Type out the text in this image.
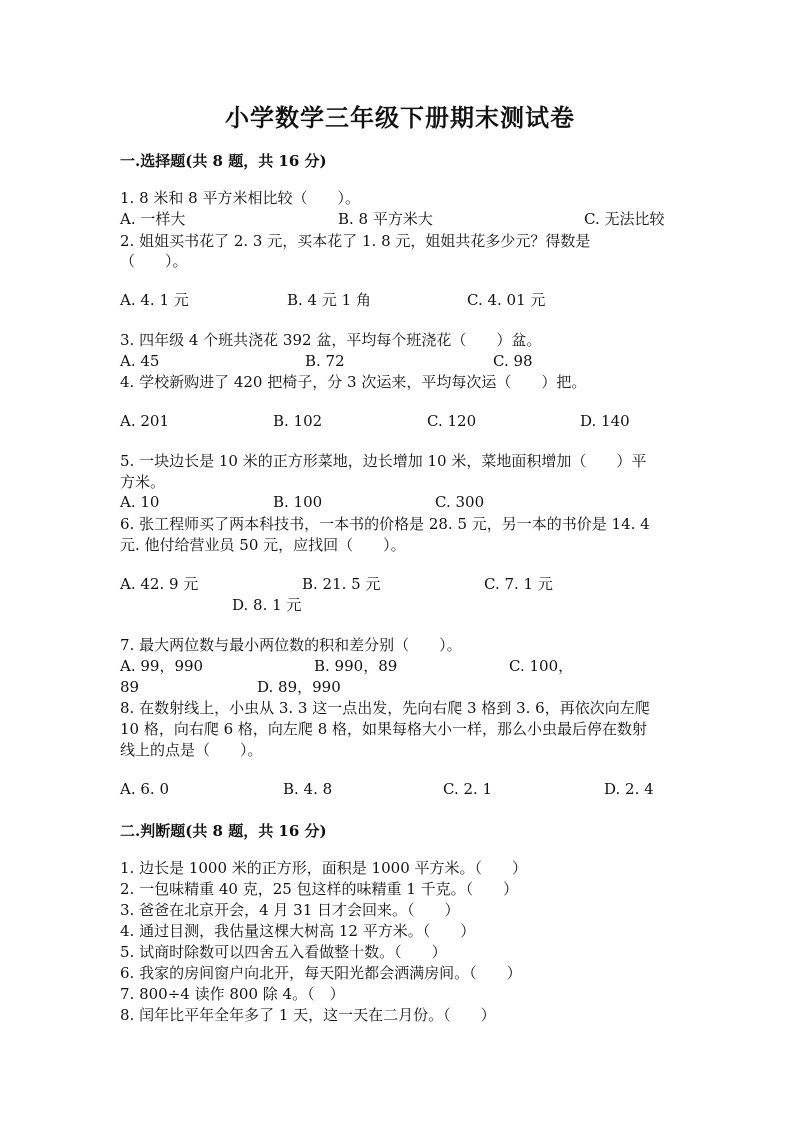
小学数学三年级下册期末测试卷
一.选择题(共 8 题，共 16 分)
1. 8 米和 8 平方米相比较（　　）。
A. 一样大	B. 8 平方米大	C. 无法比较
2. 姐姐买书花了 2. 3 元，买本花了 1. 8 元，姐姐共花多少元？得数是
（　　）。
A. 4. 1 元	B. 4 元 1 角	C. 4. 01 元
3. 四年级 4 个班共浇花 392 盆，平均每个班浇花（　　）盆。
A. 45	B. 72	C. 98
4. 学校新购进了 420 把椅子，分 3 次运来，平均每次运（　　）把。
A. 201	B. 102	C. 120	D. 140
5. 一块边长是 10 米的正方形菜地，边长增加 10 米，菜地面积增加（　　）平
方米。
A. 10	B. 100	C. 300
6. 张工程师买了两本科技书，一本书的价格是 28. 5 元，另一本的书价是 14. 4
元. 他付给营业员 50 元，应找回（　　）。
A. 42. 9 元	B. 21. 5 元	C. 7. 1 元
D. 8. 1 元
7. 最大两位数与最小两位数的积和差分别（　　）。
A. 99，990	B. 990，89	C. 100，
89	D. 89，990
8. 在数射线上，小虫从 3. 3 这一点出发，先向右爬 3 格到 3. 6，再依次向左爬
10 格，向右爬 6 格，向左爬 8 格，如果每格大小一样，那么小虫最后停在数射
线上的点是（　　）。
A. 6. 0	B. 4. 8	C. 2. 1	D. 2. 4
二.判断题(共 8 题，共 16 分)
1. 边长是 1000 米的正方形，面积是 1000 平方米。（　　）
2. 一包味精重 40 克，25 包这样的味精重 1 千克。（　　）
3. 爸爸在北京开会，4 月 31 日才会回来。（　　）
4. 通过目测，我估量这棵大树高 12 平方米。（　　）
5. 试商时除数可以四舍五入看做整十数。（　　）
6. 我家的房间窗户向北开，每天阳光都会洒满房间。（　　）
7. 800÷4 读作 800 除 4。（　）
8. 闰年比平年全年多了 1 天，这一天在二月份。（　　）
